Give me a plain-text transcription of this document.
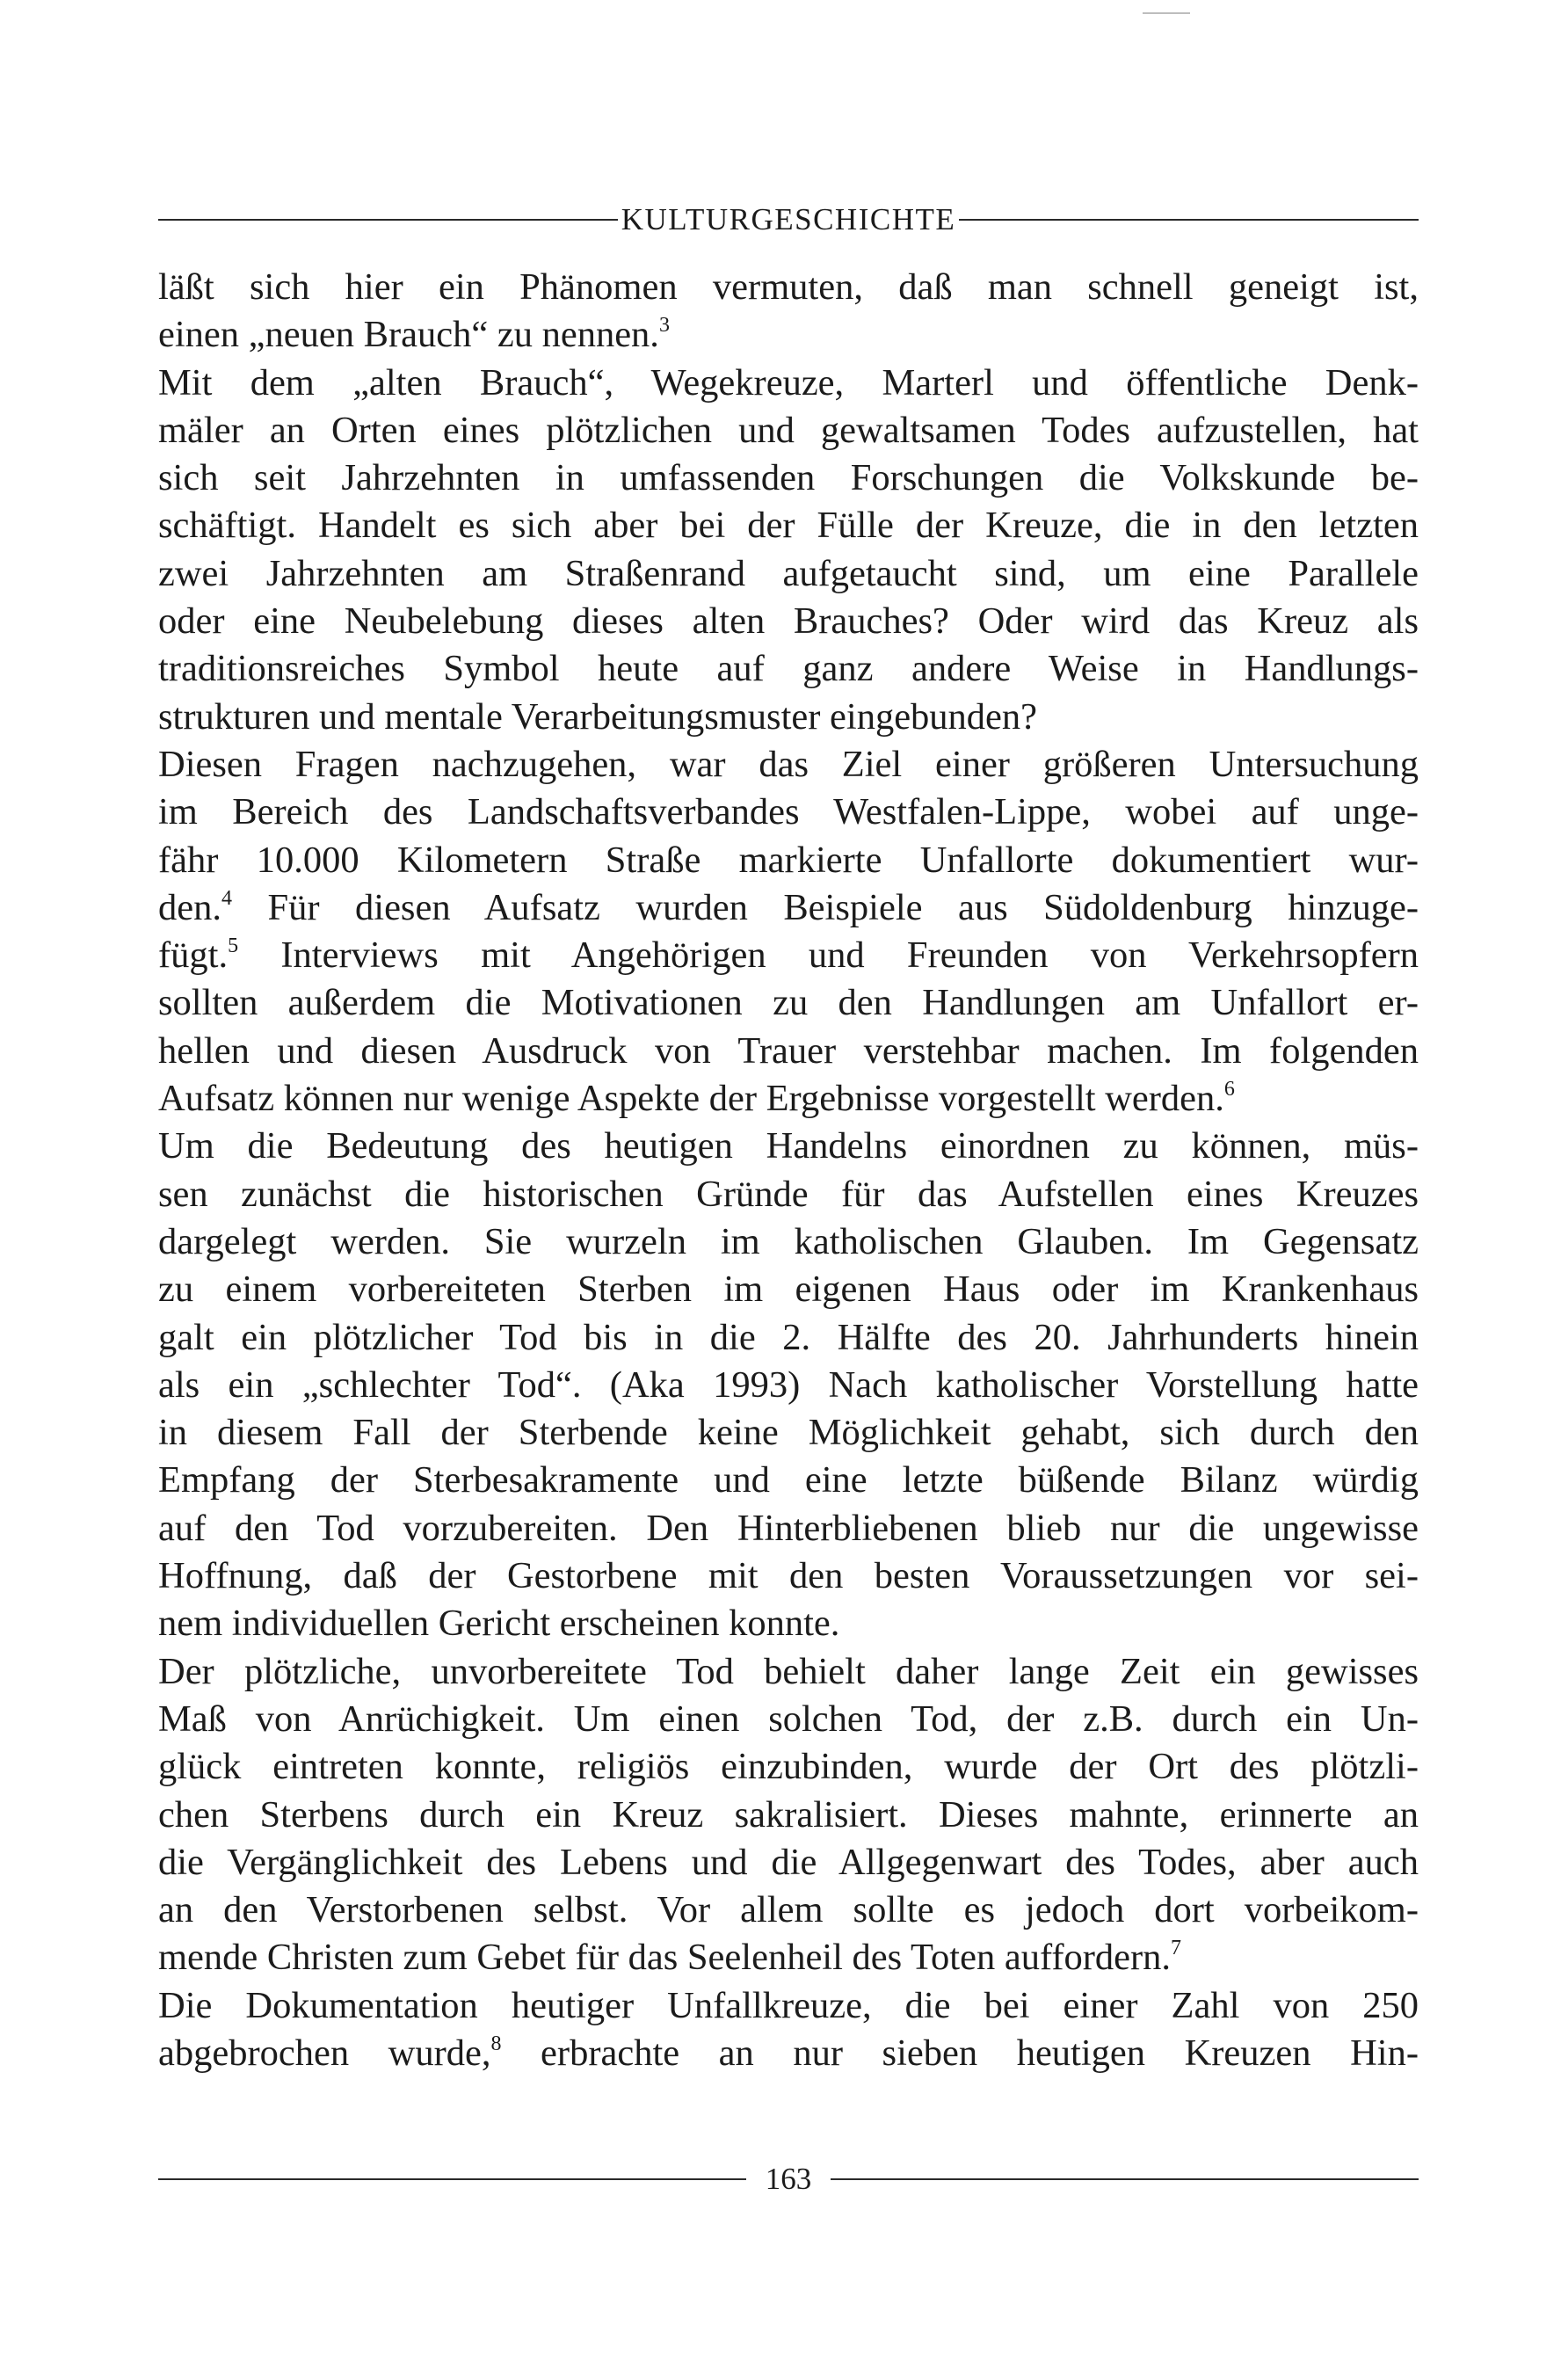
KULTURGESCHICHTE
läßt sich hier ein Phänomen vermuten, daß man schnell geneigt ist,
einen „neuen Brauch“ zu nennen.$^3$
Mit dem „alten Brauch“, Wegekreuze, Marterl und öffentliche Denk-
mäler an Orten eines plötzlichen und gewaltsamen Todes aufzustellen, hat
sich seit Jahrzehnten in umfassenden Forschungen die Volkskunde be-
schäftigt. Handelt es sich aber bei der Fülle der Kreuze, die in den letzten
zwei Jahrzehnten am Straßenrand aufgetaucht sind, um eine Parallele
oder eine Neubelebung dieses alten Brauches? Oder wird das Kreuz als
traditionsreiches Symbol heute auf ganz andere Weise in Handlungs-
strukturen und mentale Verarbeitungsmuster eingebunden?
Diesen Fragen nachzugehen, war das Ziel einer größeren Untersuchung
im Bereich des Landschaftsverbandes Westfalen-Lippe, wobei auf unge-
fähr 10.000 Kilometern Straße markierte Unfallorte dokumentiert wur-
den.$^4$ Für diesen Aufsatz wurden Beispiele aus Südoldenburg hinzuge-
fügt.$^5$ Interviews mit Angehörigen und Freunden von Verkehrsopfern
sollten außerdem die Motivationen zu den Handlungen am Unfallort er-
hellen und diesen Ausdruck von Trauer verstehbar machen. Im folgenden
Aufsatz können nur wenige Aspekte der Ergebnisse vorgestellt werden.$^6$
Um die Bedeutung des heutigen Handelns einordnen zu können, müs-
sen zunächst die historischen Gründe für das Aufstellen eines Kreuzes
dargelegt werden. Sie wurzeln im katholischen Glauben. Im Gegensatz
zu einem vorbereiteten Sterben im eigenen Haus oder im Krankenhaus
galt ein plötzlicher Tod bis in die 2. Hälfte des 20. Jahrhunderts hinein
als ein „schlechter Tod“. (Aka 1993) Nach katholischer Vorstellung hatte
in diesem Fall der Sterbende keine Möglichkeit gehabt, sich durch den
Empfang der Sterbesakramente und eine letzte büßende Bilanz würdig
auf den Tod vorzubereiten. Den Hinterbliebenen blieb nur die ungewisse
Hoffnung, daß der Gestorbene mit den besten Voraussetzungen vor sei-
nem individuellen Gericht erscheinen konnte.
Der plötzliche, unvorbereitete Tod behielt daher lange Zeit ein gewisses
Maß von Anrüchigkeit. Um einen solchen Tod, der z.B. durch ein Un-
glück eintreten konnte, religiös einzubinden, wurde der Ort des plötzli-
chen Sterbens durch ein Kreuz sakralisiert. Dieses mahnte, erinnerte an
die Vergänglichkeit des Lebens und die Allgegenwart des Todes, aber auch
an den Verstorbenen selbst. Vor allem sollte es jedoch dort vorbeikom-
mende Christen zum Gebet für das Seelenheil des Toten auffordern.$^7$
Die Dokumentation heutiger Unfallkreuze, die bei einer Zahl von 250
abgebrochen wurde,$^8$ erbrachte an nur sieben heutigen Kreuzen Hin-
163
